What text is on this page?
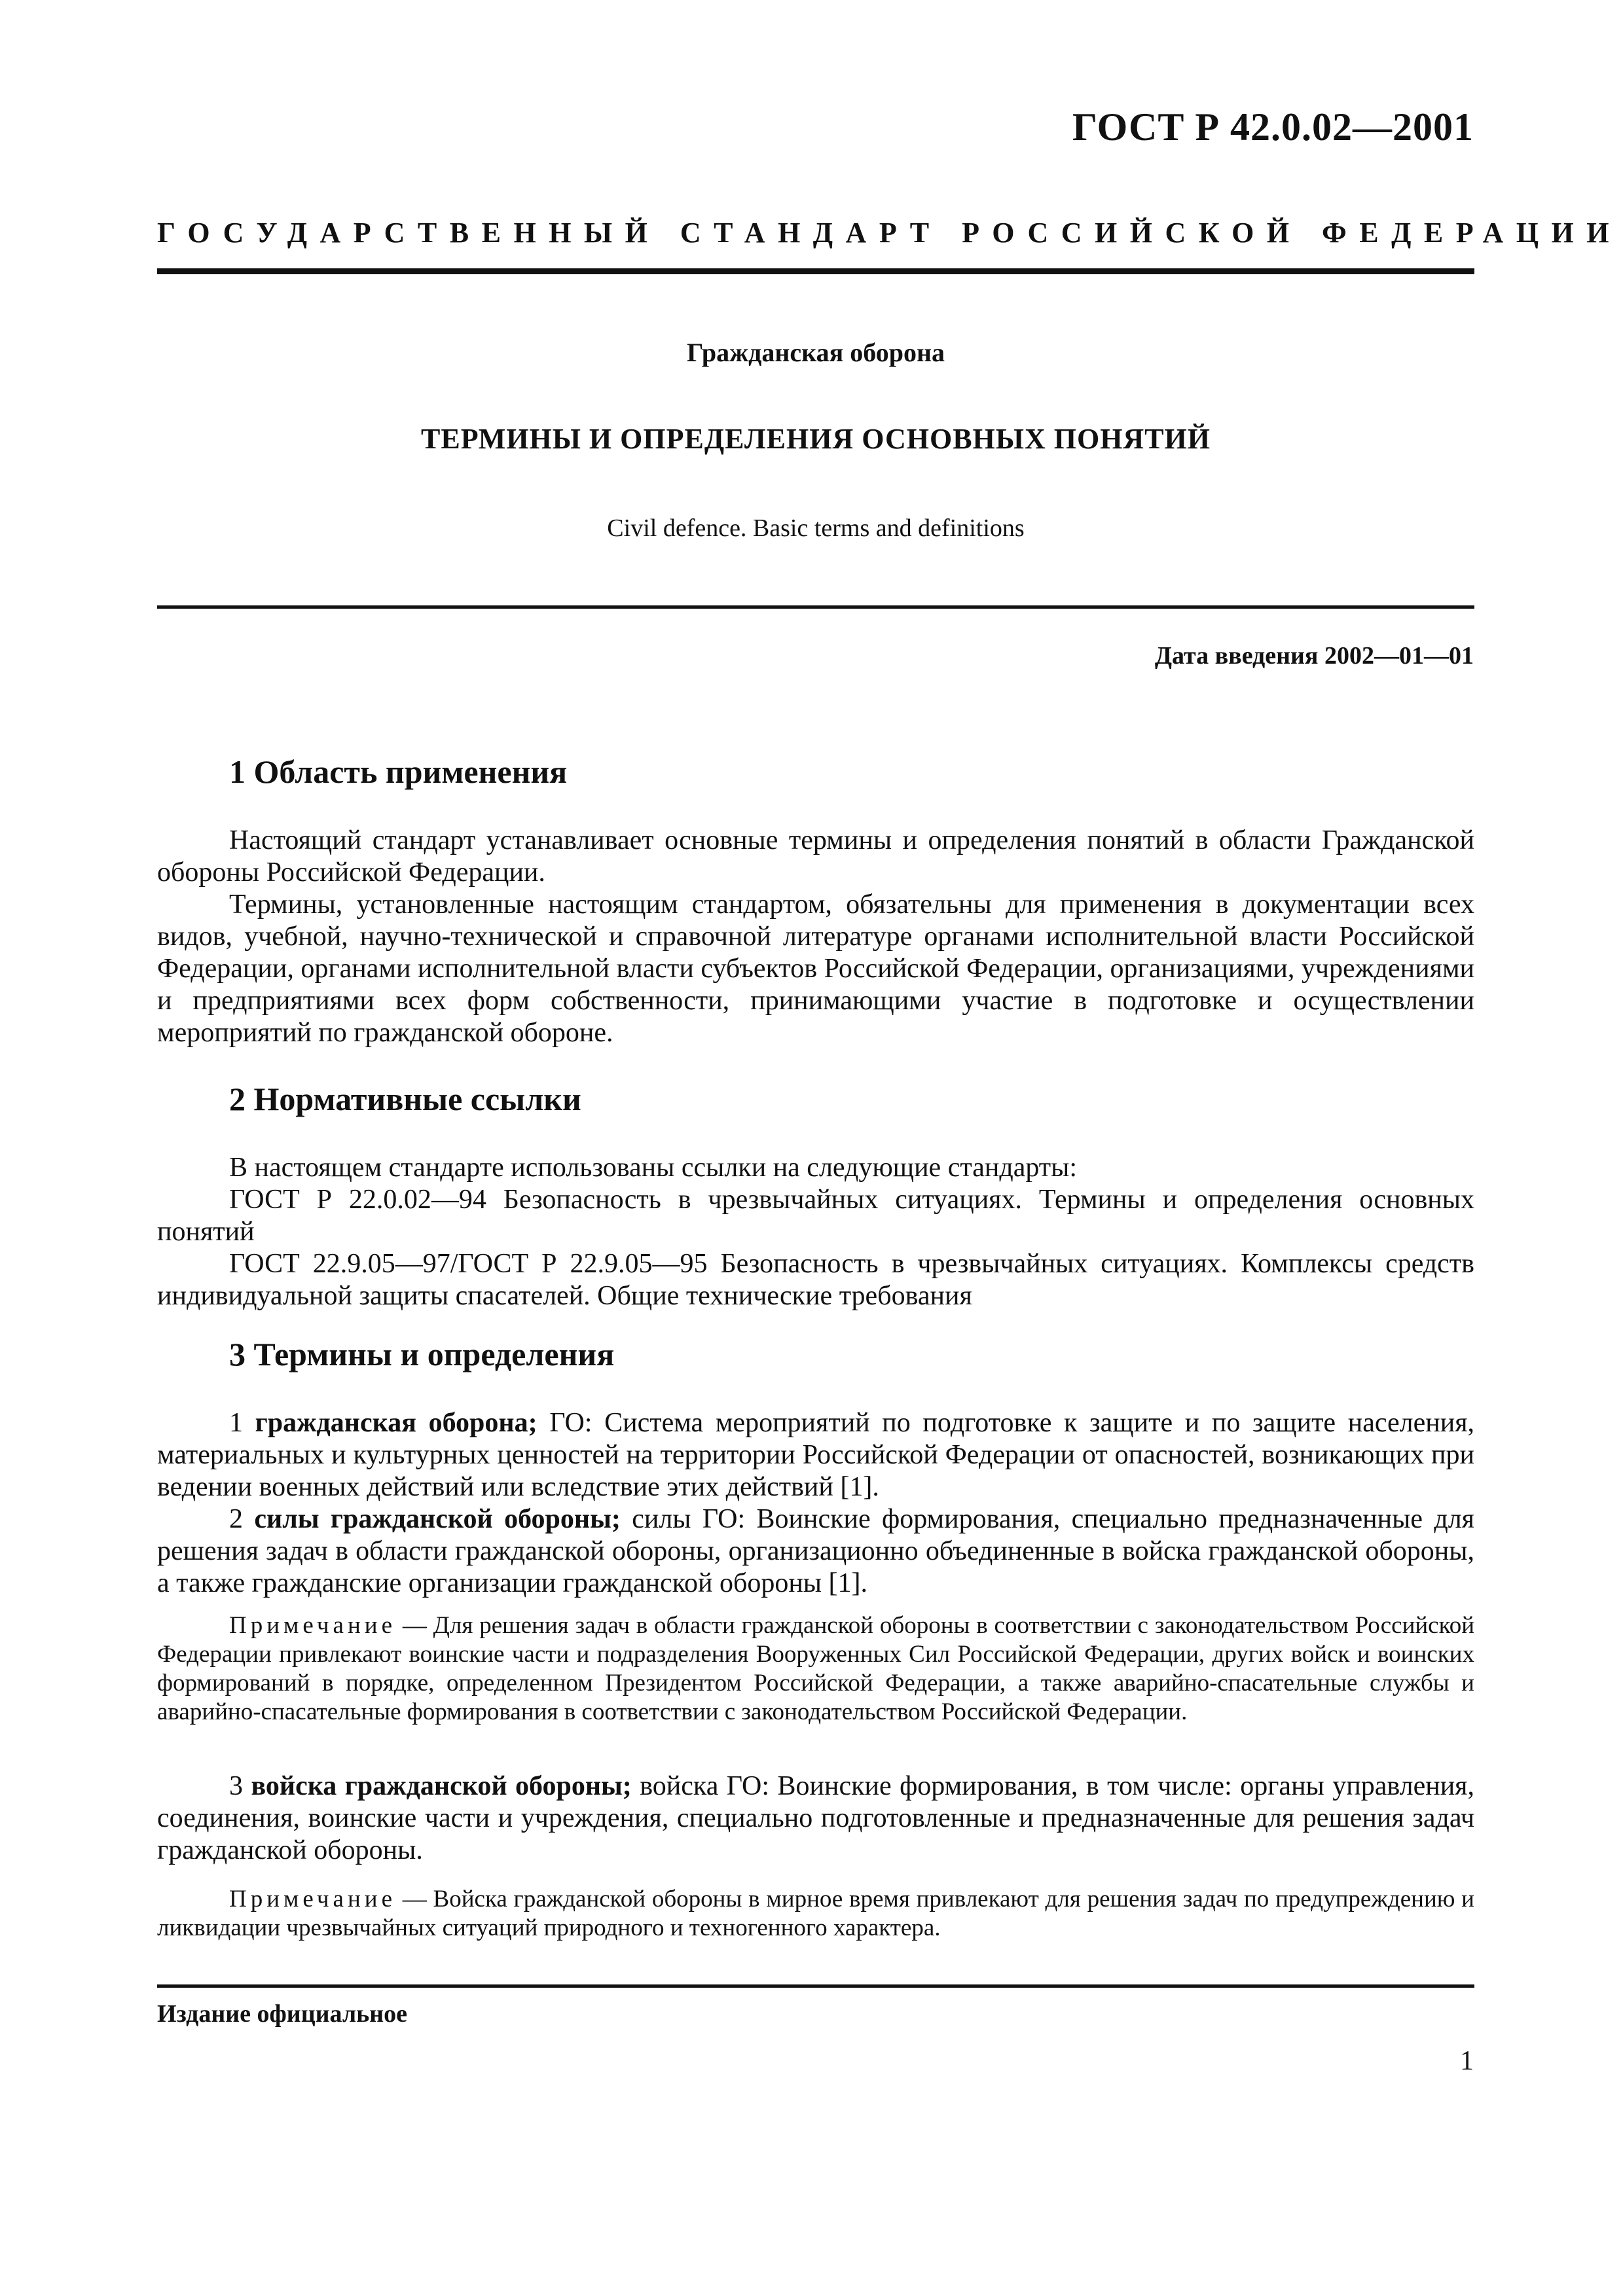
ГОСТ Р 42.0.02—2001
ГОСУДАРСТВЕННЫЙ СТАНДАРТ РОССИЙСКОЙ ФЕДЕРАЦИИ
Гражданская оборона
ТЕРМИНЫ И ОПРЕДЕЛЕНИЯ ОСНОВНЫХ ПОНЯТИЙ
Civil defence. Basic terms and definitions
Дата введения 2002—01—01
1 Область применения

Настоящий стандарт устанавливает основные термины и определения понятий в области Гражданской обороны Российской Федерации.

Термины, установленные настоящим стандартом, обязательны для применения в документации всех видов, учебной, научно-технической и справочной литературе органами исполнительной власти Российской Федерации, органами исполнительной власти субъектов Российской Федерации, организациями, учреждениями и предприятиями всех форм собственности, принимающими участие в подготовке и осуществлении мероприятий по гражданской обороне.

2 Нормативные ссылки

В настоящем стандарте использованы ссылки на следующие стандарты:

ГОСТ Р 22.0.02—94 Безопасность в чрезвычайных ситуациях. Термины и определения основных понятий

ГОСТ 22.9.05—97/ГОСТ Р 22.9.05—95 Безопасность в чрезвычайных ситуациях. Комплексы средств индивидуальной защиты спасателей. Общие технические требования

3 Термины и определения

1 гражданская оборона; ГО: Система мероприятий по подготовке к защите и по защите населения, материальных и культурных ценностей на территории Российской Федерации от опасностей, возникающих при ведении военных действий или вследствие этих действий [1].

2 силы гражданской обороны; силы ГО: Воинские формирования, специально предназначенные для решения задач в области гражданской обороны, организационно объединенные в войска гражданской обороны, а также гражданские организации гражданской обороны [1].

Примечание — Для решения задач в области гражданской обороны в соответствии с законодательством Российской Федерации привлекают воинские части и подразделения Вооруженных Сил Российской Федерации, других войск и воинских формирований в порядке, определенном Президентом Российской Федерации, а также аварийно-спасательные службы и аварийно-спасательные формирования в соответствии с законодательством Российской Федерации.

3 войска гражданской обороны; войска ГО: Воинские формирования, в том числе: органы управления, соединения, воинские части и учреждения, специально подготовленные и предназначенные для решения задач гражданской обороны.

Примечание — Войска гражданской обороны в мирное время привлекают для решения задач по предупреждению и ликвидации чрезвычайных ситуаций природного и техногенного характера.

Издание официальное
1
